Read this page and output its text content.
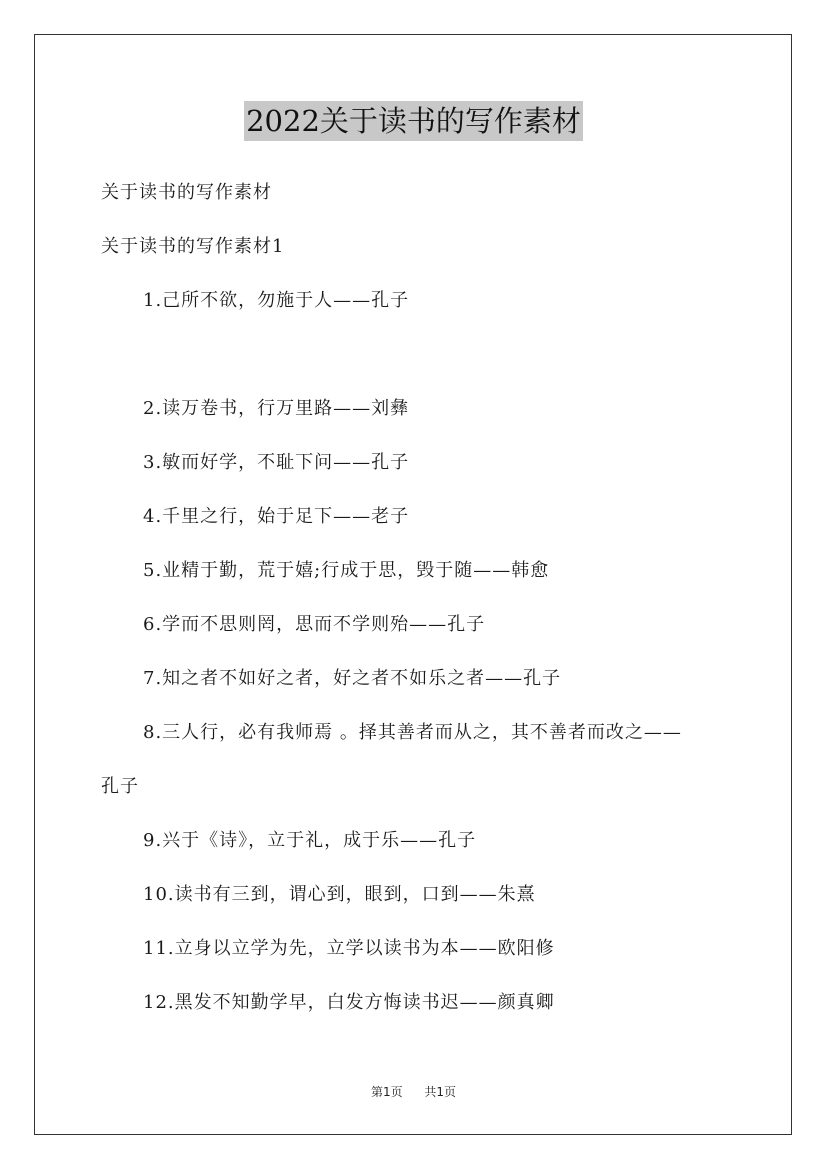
2022关于读书的写作素材
关于读书的写作素材
关于读书的写作素材1
1.己所不欲，勿施于人——孔子
2.读万卷书，行万里路——刘彝
3.敏而好学，不耻下问——孔子
4.千里之行，始于足下——老子
5.业精于勤，荒于嬉;行成于思，毁于随——韩愈
6.学而不思则罔，思而不学则殆——孔子
7.知之者不如好之者，好之者不如乐之者——孔子
8.三人行，必有我师焉 。择其善者而从之，其不善者而改之——
孔子
9.兴于《诗》，立于礼，成于乐——孔子
10.读书有三到，谓心到，眼到，口到——朱熹
11.立身以立学为先，立学以读书为本——欧阳修
12.黑发不知勤学早，白发方悔读书迟——颜真卿
第1页 共1页
